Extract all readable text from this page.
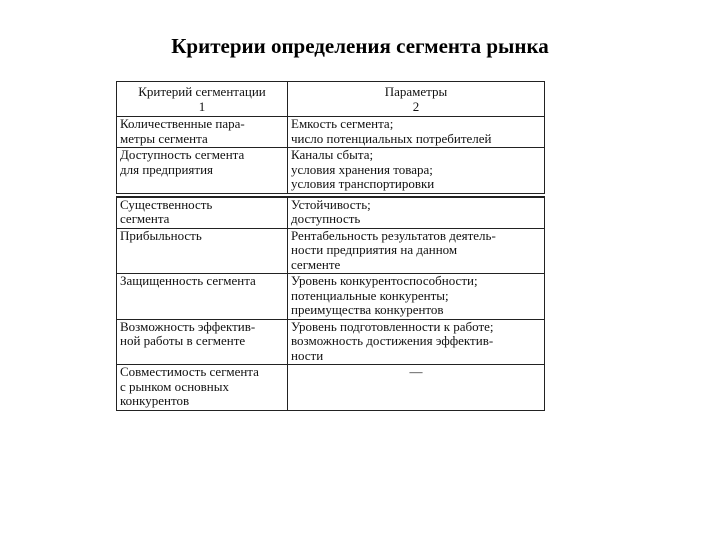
Критерии определения сегмента рынка
Критерий сегментации	Параметры
1	2
Количественные пара-
метры сегмента	Емкость сегмента;
число потенциальных потребителей
Доступность сегмента
для предприятия	Каналы сбыта;
условия хранения товара;
условия транспортировки

Существенность
сегмента	Устойчивость;
доступность
Прибыльность	Рентабельность результатов деятель-
ности предприятия на данном
сегменте
Защищенность сегмента	Уровень конкурентоспособности;
потенциальные конкуренты;
преимущества конкурентов
Возможность эффектив-
ной работы в сегменте	Уровень подготовленности к работе;
возможность достижения эффектив-
ности
Совместимость сегмента
с рынком основных
конкурентов	—
